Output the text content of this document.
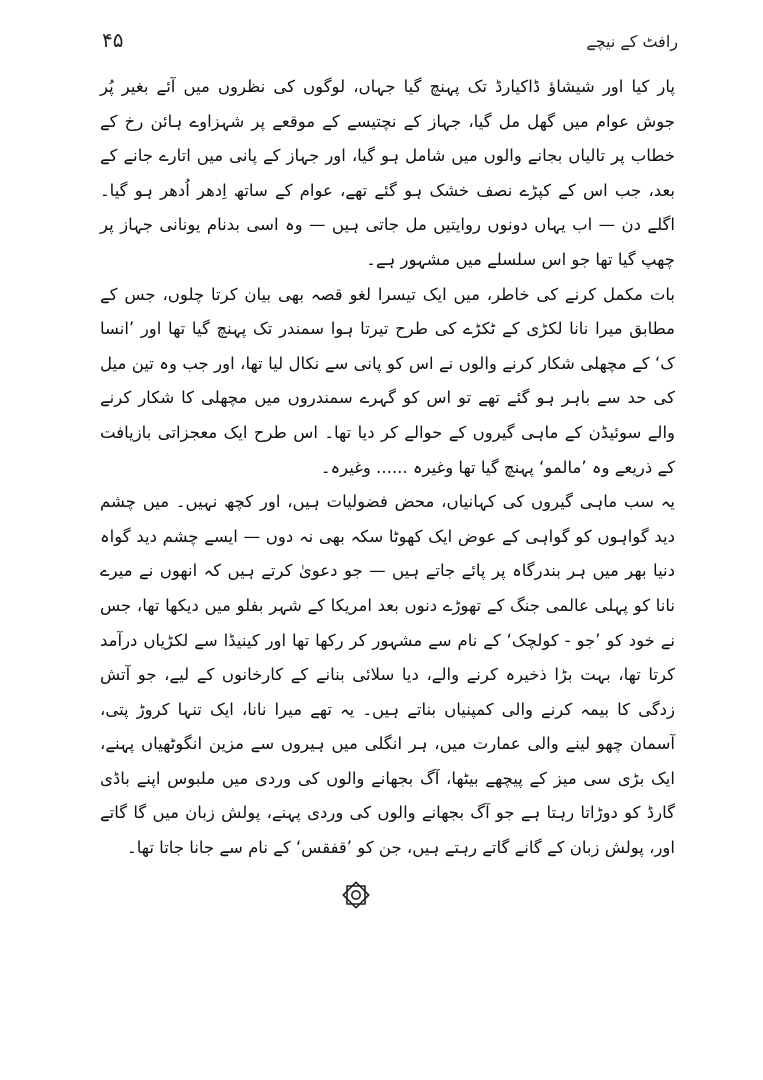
رافٹ کے نیچے
۴۵

پار کیا اور شیشاؤ ڈاکیارڈ تک پہنچ گیا جہاں، لوگوں کی نظروں میں آئے بغیر پُر جوش عوام میں گھل مل گیا، جہاز کے نچتیسے کے موقعے پر شہزاوے ہائن رخ کے خطاب پر تالیاں بجانے والوں میں شامل ہو گیا، اور جہاز کے پانی میں اتارے جانے کے بعد، جب اس کے کپڑے نصف خشک ہو گئے تھے، عوام کے ساتھ اِدھر اُدھر ہو گیا۔ اگلے دن — اب یہاں دونوں روایتیں مل جاتی ہیں — وہ اسی بدنام یونانی جہاز پر چھپ گیا تھا جو اس سلسلے میں مشہور ہے۔

بات مکمل کرنے کی خاطر، میں ایک تیسرا لغو قصہ بھی بیان کرتا چلوں، جس کے مطابق میرا نانا لکڑی کے ٹکڑے کی طرح تیرتا ہوا سمندر تک پہنچ گیا تھا اور ’انسا ک‘ کے مچھلی شکار کرنے والوں نے اس کو پانی سے نکال لیا تھا، اور جب وہ تین میل کی حد سے باہر ہو گئے تھے تو اس کو گہرے سمندروں میں مچھلی کا شکار کرنے والے سوئیڈن کے ماہی گیروں کے حوالے کر دیا تھا۔ اس طرح ایک معجزاتی بازیافت کے ذریعے وہ ’مالمو‘ پہنچ گیا تھا وغیرہ ...... وغیرہ۔

یہ سب ماہی گیروں کی کہانیاں، محض فضولیات ہیں، اور کچھ نہیں۔ میں چشم دید گواہوں کو گواہی کے عوض ایک کھوٹا سکہ بھی نہ دوں — ایسے چشم دید گواہ دنیا بھر میں ہر بندرگاہ پر پائے جاتے ہیں — جو دعویٰ کرتے ہیں کہ انھوں نے میرے نانا کو پہلی عالمی جنگ کے تھوڑے دنوں بعد امریکا کے شہر بفلو میں دیکھا تھا، جس نے خود کو ’جو - کولچک‘ کے نام سے مشہور کر رکھا تھا اور کینیڈا سے لکڑیاں درآمد کرتا تھا، بہت بڑا ذخیرہ کرنے والے، دیا سلائی بنانے کے کارخانوں کے لیے، جو آتش زدگی کا بیمہ کرنے والی کمپنیاں بناتے ہیں۔ یہ تھے میرا نانا، ایک تنہا کروڑ پتی، آسمان چھو لینے والی عمارت میں، ہر انگلی میں ہیروں سے مزین انگوٹھیاں پہنے، ایک بڑی سی میز کے پیچھے بیٹھا، آگ بجھانے والوں کی وردی میں ملبوس اپنے باڈی گارڈ کو دوڑاتا رہتا ہے جو آگ بجھانے والوں کی وردی پہنے، پولش زبان میں گا گاتے اور، پولش زبان کے گانے گاتے رہتے ہیں، جن کو ’قفقس‘ کے نام سے جانا جاتا تھا۔
